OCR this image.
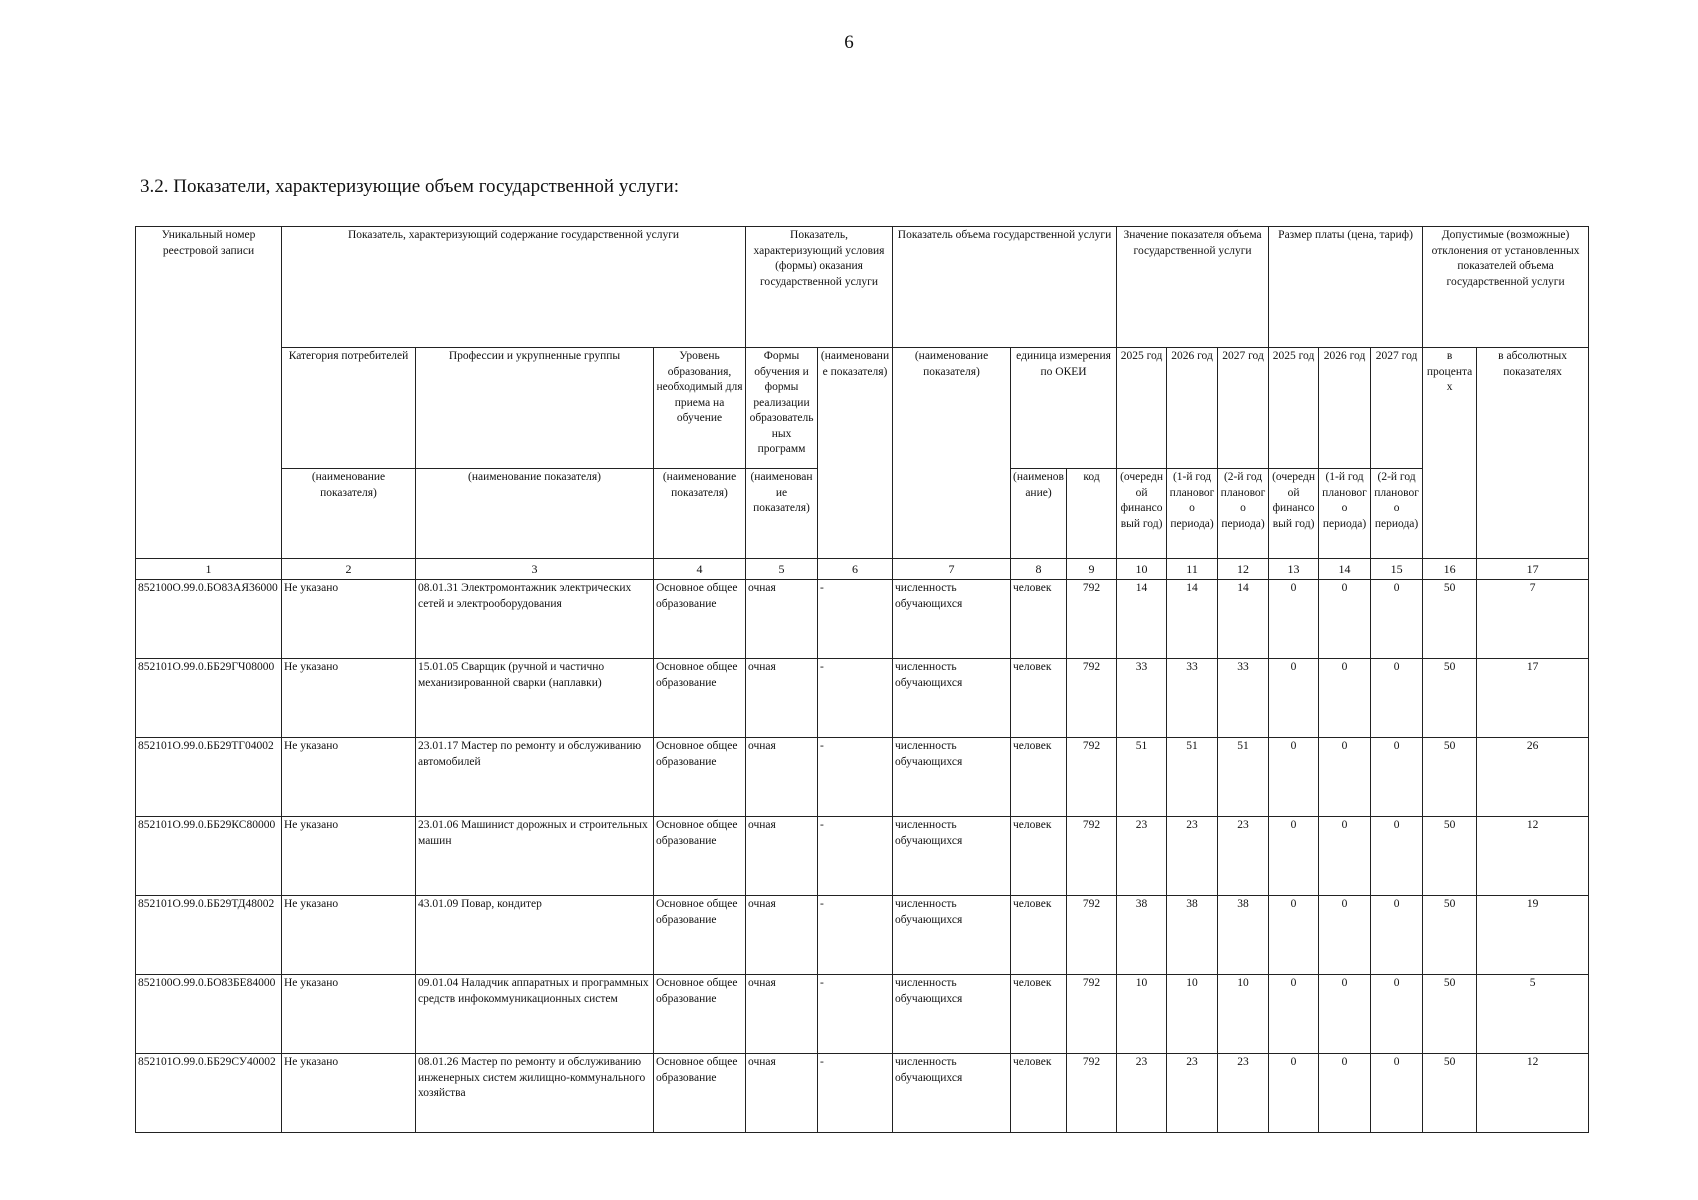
6
3.2. Показатели, характеризующие объем государственной услуги:
Уникальный номер реестровой записи	Показатель, характеризующий содержание государственной услуги			Показатель, характеризующий условия (формы) оказания государственной услуги		Показатель объема государственной услуги			Значение показателя объема государственной услуги			Размер платы (цена, тариф)			Допустимые (возможные) отклонения от установленных показателей объема государственной услуги	
	Категория потребителей	Профессии и укрупненные группы	Уровень образования, необходимый для приема на обучение	Формы обучения и формы реализации образовательных программ	(наименование показателя)	(наименование показателя)	единица измерения по ОКЕИ		2025 год	2026 год	2027 год	2025 год	2026 год	2027 год	в процентах	в абсолютных показателях
	(наименование показателя)	(наименование показателя)	(наименование показателя)	(наименование показателя)			(наименование)	код	(очередной финансовый год)	(1-й год планового периода)	(2-й год планового периода)	(очередной финансовый год)	(1-й год планового периода)	(2-й год планового периода)		
1	2	3	4	5	6	7	8	9	10	11	12	13	14	15	16	17
852100О.99.0.БО83АЯ36000	Не указано	08.01.31 Электромонтажник электрических сетей и электрооборудования	Основное общее образование	очная	-	численность обучающихся	человек	792	14	14	14	0	0	0	50	7
852101О.99.0.ББ29ГЧ08000	Не указано	15.01.05 Сварщик (ручной и частично механизированной сварки (наплавки)	Основное общее образование	очная	-	численность обучающихся	человек	792	33	33	33	0	0	0	50	17
852101О.99.0.ББ29ТГ04002	Не указано	23.01.17 Мастер по ремонту и обслуживанию автомобилей	Основное общее образование	очная	-	численность обучающихся	человек	792	51	51	51	0	0	0	50	26
852101О.99.0.ББ29КС80000	Не указано	23.01.06 Машинист дорожных и строительных машин	Основное общее образование	очная	-	численность обучающихся	человек	792	23	23	23	0	0	0	50	12
852101О.99.0.ББ29ТД48002	Не указано	43.01.09 Повар, кондитер	Основное общее образование	очная	-	численность обучающихся	человек	792	38	38	38	0	0	0	50	19
852100О.99.0.БО83БЕ84000	Не указано	09.01.04 Наладчик аппаратных и программных средств инфокоммуникационных систем	Основное общее образование	очная	-	численность обучающихся	человек	792	10	10	10	0	0	0	50	5
852101О.99.0.ББ29СУ40002	Не указано	08.01.26 Мастер по ремонту и обслуживанию инженерных систем жилищно-коммунального хозяйства	Основное общее образование	очная	-	численность обучающихся	человек	792	23	23	23	0	0	0	50	12
